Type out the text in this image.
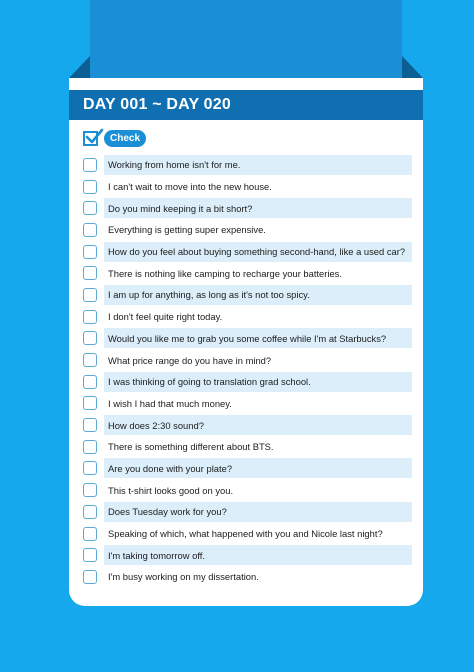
DAY 001 ~ DAY 020
Check
Working from home isn't for me.
I can't wait to move into the new house.
Do you mind keeping it a bit short?
Everything is getting super expensive.
How do you feel about buying something second-hand, like a used car?
There is nothing like camping to recharge your batteries.
I am up for anything, as long as it's not too spicy.
I don't feel quite right today.
Would you like me to grab you some coffee while I'm at Starbucks?
What price range do you have in mind?
I was thinking of going to translation grad school.
I wish I had that much money.
How does 2:30 sound?
There is something different about BTS.
Are you done with your plate?
This t-shirt looks good on you.
Does Tuesday work for you?
Speaking of which, what happened with you and Nicole last night?
I'm taking tomorrow off.
I'm busy working on my dissertation.
